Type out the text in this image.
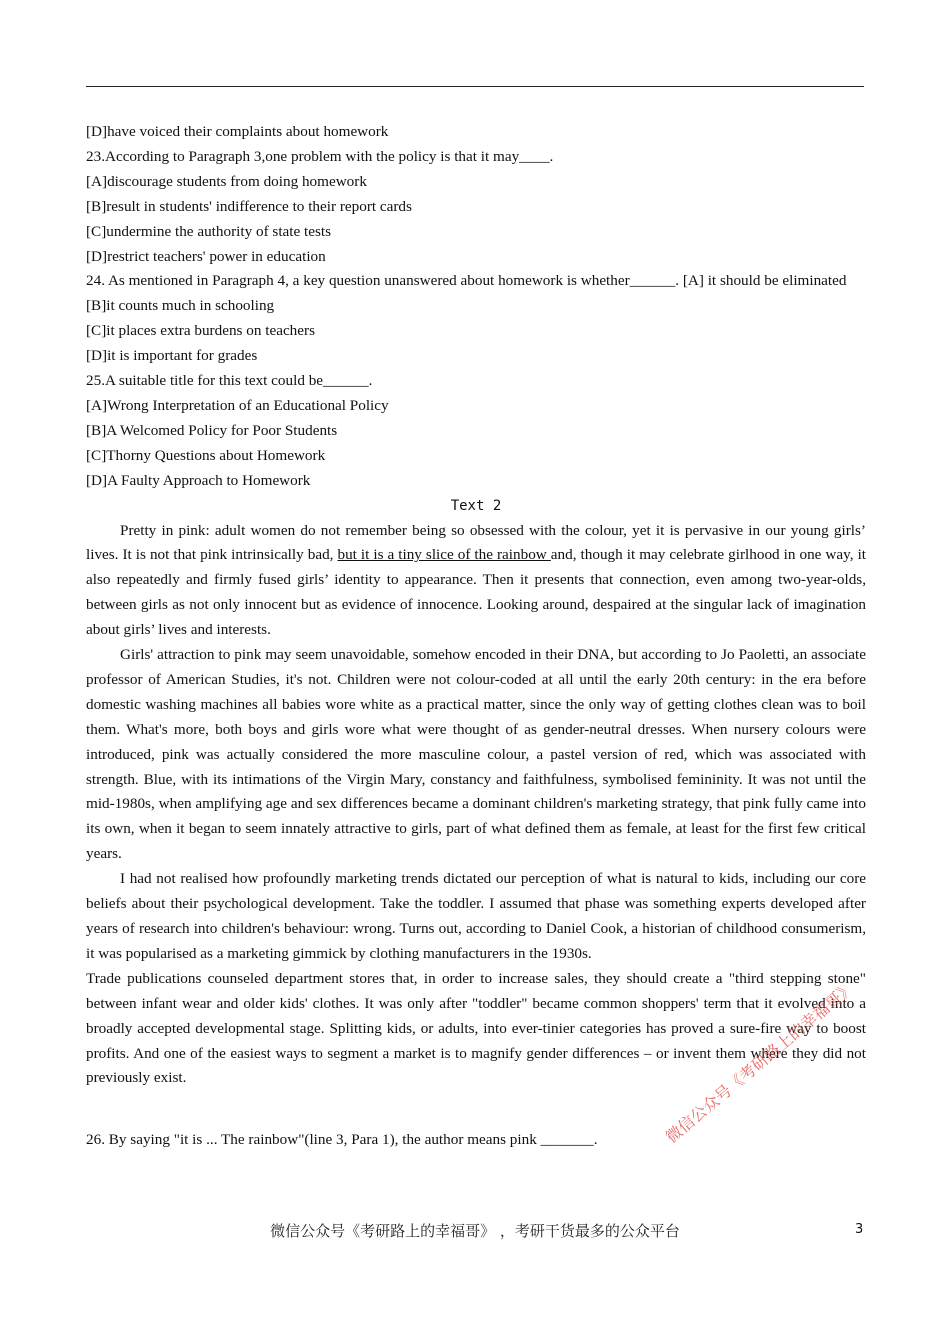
[D]have voiced their complaints about homework
23.According to Paragraph 3,one problem with the policy is that it may____.
[A]discourage students from doing homework
[B]result in students' indifference to their report cards
[C]undermine the authority of state tests
[D]restrict teachers' power in education
24. As mentioned in Paragraph 4, a key question unanswered about homework is whether______. [A] it should be eliminated
[B]it counts much in schooling
[C]it places extra burdens on teachers
[D]it is important for grades
25.A suitable title for this text could be______.
[A]Wrong Interpretation of an Educational Policy
[B]A Welcomed Policy for Poor Students
[C]Thorny Questions about Homework
[D]A Faulty Approach to Homework
Text 2

Pretty in pink: adult women do not remember being so obsessed with the colour, yet it is pervasive in our young girls’ lives. It is not that pink intrinsically bad, but it is a tiny slice of the rainbow and, though it may celebrate girlhood in one way, it also repeatedly and firmly fused girls’ identity to appearance. Then it presents that connection, even among two-year-olds, between girls as not only innocent but as evidence of innocence. Looking around, despaired at the singular lack of imagination about girls’ lives and interests.

Girls' attraction to pink may seem unavoidable, somehow encoded in their DNA, but according to Jo Paoletti, an associate professor of American Studies, it's not. Children were not colour-coded at all until the early 20th century: in the era before domestic washing machines all babies wore white as a practical matter, since the only way of getting clothes clean was to boil them. What's more, both boys and girls wore what were thought of as gender-neutral dresses. When nursery colours were introduced, pink was actually considered the more masculine colour, a pastel version of red, which was associated with strength. Blue, with its intimations of the Virgin Mary, constancy and faithfulness, symbolised femininity. It was not until the mid-1980s, when amplifying age and sex differences became a dominant children's marketing strategy, that pink fully came into its own, when it began to seem innately attractive to girls, part of what defined them as female, at least for the first few critical years.

I had not realised how profoundly marketing trends dictated our perception of what is natural to kids, including our core beliefs about their psychological development. Take the toddler. I assumed that phase was something experts developed after years of research into children's behaviour: wrong. Turns out, according to Daniel Cook, a historian of childhood consumerism, it was popularised as a marketing gimmick by clothing manufacturers in the 1930s.

Trade publications counseled department stores that, in order to increase sales, they should create a "third stepping stone" between infant wear and older kids' clothes. It was only after "toddler" became common shoppers' term that it evolved into a broadly accepted developmental stage. Splitting kids, or adults, into ever-tinier categories has proved a sure-fire way to boost profits. And one of the easiest ways to segment a market is to magnify gender differences – or invent them where they did not previously exist.

26. By saying "it is ... The rainbow"(line 3, Para 1), the author means pink _______.
微信公众号《考研路上的幸福哥》 ，考研干货最多的公众平台	3
微信公众号《考研路上的幸福哥》
